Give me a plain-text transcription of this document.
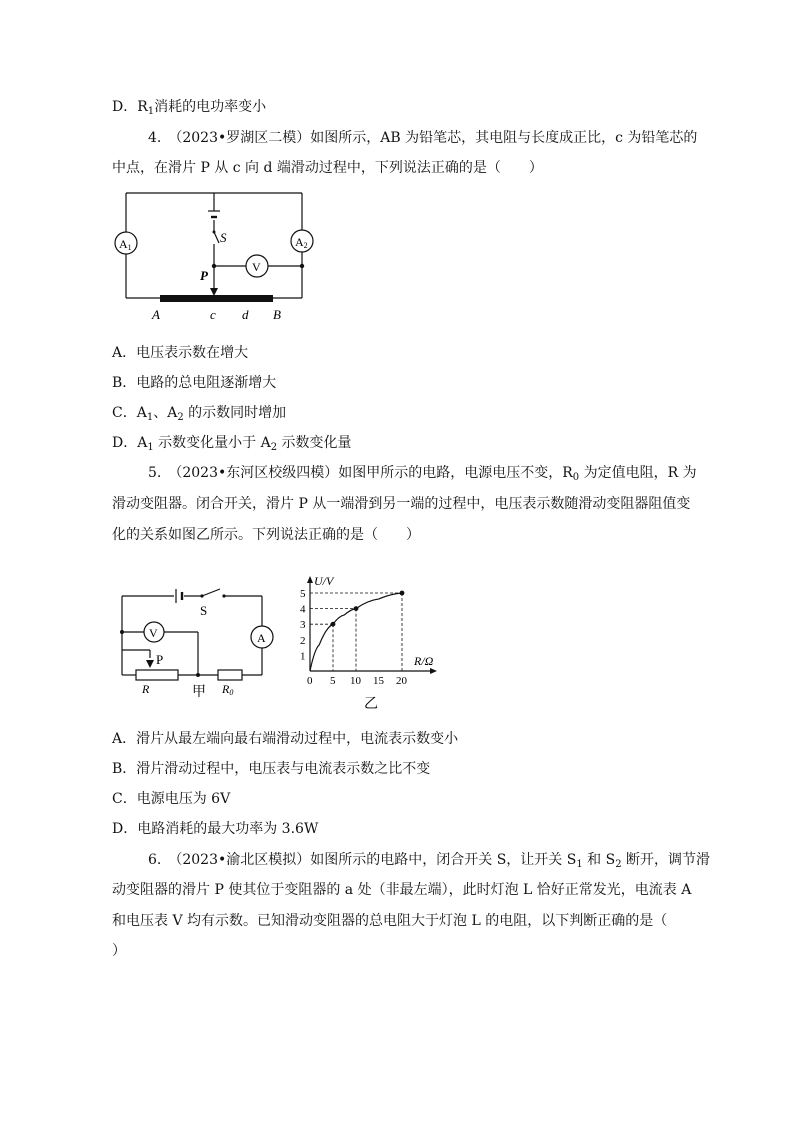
D．$R_1$消耗的电功率变小
4.　（2023•罗湖区二模）如图所示，AB 为铅笔芯，其电阻与长度成正比，c 为铅笔芯的
中点，在滑片 P 从 c 向 d 端滑动过程中，下列说法正确的是（　　）
S
A1	A2
V
P
A	c d B
A．电压表示数在增大
B．电路的总电阻逐渐增大
C．$A_1$、$A_2$ 的示数同时增加
D．$A_1$ 示数变化量小于 $A_2$ 示数变化量
5.　（2023•东河区校级四模）如图甲所示的电路，电源电压不变，$R_0$ 为定值电阻，R 为
滑动变阻器。闭合开关，滑片 P 从一端滑到另一端的过程中，电压表示数随滑动变阻器阻值变
化的关系如图乙所示。下列说法正确的是（　　）
S
V	A
P
R	R0
甲
R/Ω
U/V
0 5 10 15 20
1
2
3
4
5
乙
A．滑片从最左端向最右端滑动过程中，电流表示数变小
B．滑片滑动过程中，电压表与电流表示数之比不变
C．电源电压为 6V
D．电路消耗的最大功率为 3.6W
6.　（2023•渝北区模拟）如图所示的电路中，闭合开关 S，让开关 $S_1$ 和 $S_2$ 断开，调节滑
动变阻器的滑片 P 使其位于变阻器的 a 处（非最左端），此时灯泡 L 恰好正常发光，电流表 A
和电压表 V 均有示数。已知滑动变阻器的总电阻大于灯泡 L 的电阻，以下判断正确的是（
）
